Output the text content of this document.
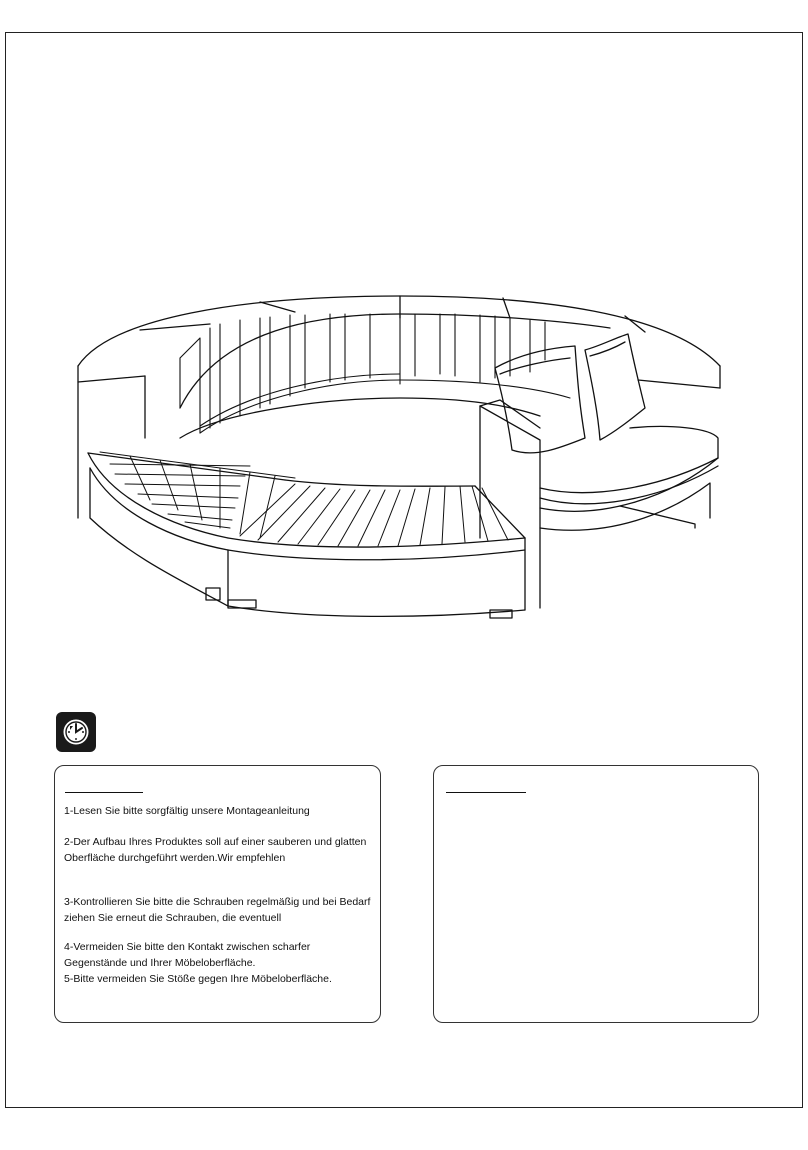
1-Lesen Sie bitte sorgfältig unsere Montageanleitung

2-Der Aufbau Ihres Produktes soll auf einer sauberen und glatten
Oberfläche durchgeführt werden.Wir empfehlen

3-Kontrollieren Sie bitte die Schrauben regelmäßig und bei Bedarf
ziehen Sie erneut die Schrauben, die eventuell

4-Vermeiden Sie bitte den Kontakt zwischen scharfer
Gegenstände und Ihrer Möbeloberfläche.

5-Bitte vermeiden Sie Stöße gegen Ihre Möbeloberfläche.
